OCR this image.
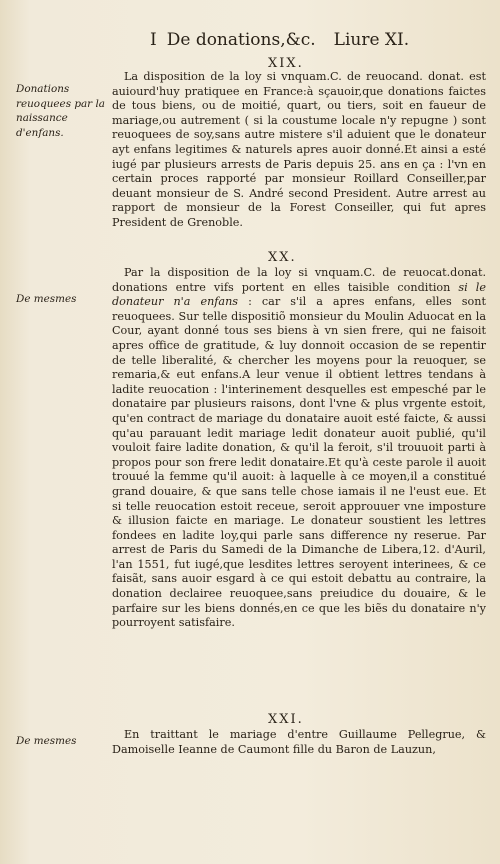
I De donations,&c. Liure XI.
XIX.
Donations reuoquees par la naissance d'enfans.

La disposition de la loy si vnquam.C. de reuocand. donat. est auiourd'huy pratiquee en France:à sçauoir,que donations faictes de tous biens, ou de moitié, quart, ou tiers, soit en faueur de mariage,ou autrement ( si la coustume locale n'y repugne ) sont reuoquees de soy,sans autre mistere s'il aduient que le donateur ayt enfans legitimes & naturels apres auoir donné.Et ainsi a esté iugé par plusieurs arrests de Paris depuis 25. ans en ça : l'vn en certain proces rapporté par monsieur Roillard Conseiller,par deuant monsieur de S. André second President. Autre arrest au rapport de monsieur de la Forest Conseiller, qui fut apres President de Grenoble.

XX.
De mesmes

Par la disposition de la loy si vnquam.C. de reuocat.donat. donations entre vifs portent en elles taisible condition si le donateur n'a enfans : car s'il a apres enfans, elles sont reuoquees. Sur telle dispositiõ monsieur du Moulin Aduocat en la Cour, ayant donné tous ses biens à vn sien frere, qui ne faisoit apres office de gratitude, & luy donnoit occasion de se repentir de telle liberalité, & chercher les moyens pour la reuoquer, se remaria,& eut enfans.A leur venue il obtient lettres tendans à ladite reuocation : l'interinement desquelles est empesché par le donataire par plusieurs raisons, dont l'vne & plus vrgente estoit, qu'en contract de mariage du donataire auoit esté faicte, & aussi qu'au parauant ledit mariage ledit donateur auoit publié, qu'il vouloit faire ladite donation, & qu'il la feroit, s'il trouuoit parti à propos pour son frere ledit donataire.Et qu'à ceste parole il auoit trouué la femme qu'il auoit: à laquelle à ce moyen,il a constitué grand douaire, & que sans telle chose iamais il ne l'eust eue. Et si telle reuocation estoit receue, seroit approuuer vne imposture & illusion faicte en mariage. Le donateur soustient les lettres fondees en ladite loy,qui parle sans difference ny reserue. Par arrest de Paris du Samedi de la Dimanche de Libera,12. d'Auril, l'an 1551, fut iugé,que lesdites lettres seroyent interinees, & ce faisãt, sans auoir esgard à ce qui estoit debattu au contraire, la donation declairee reuoquee,sans preiudice du douaire, & le parfaire sur les biens donnés,en ce que les biẽs du donataire n'y pourroyent satisfaire.

XXI.
De mesmes	En traittant le mariage d'entre Guillaume Pellegrue, & Damoiselle Ieanne de Caumont fille du Baron de Lauzun,
